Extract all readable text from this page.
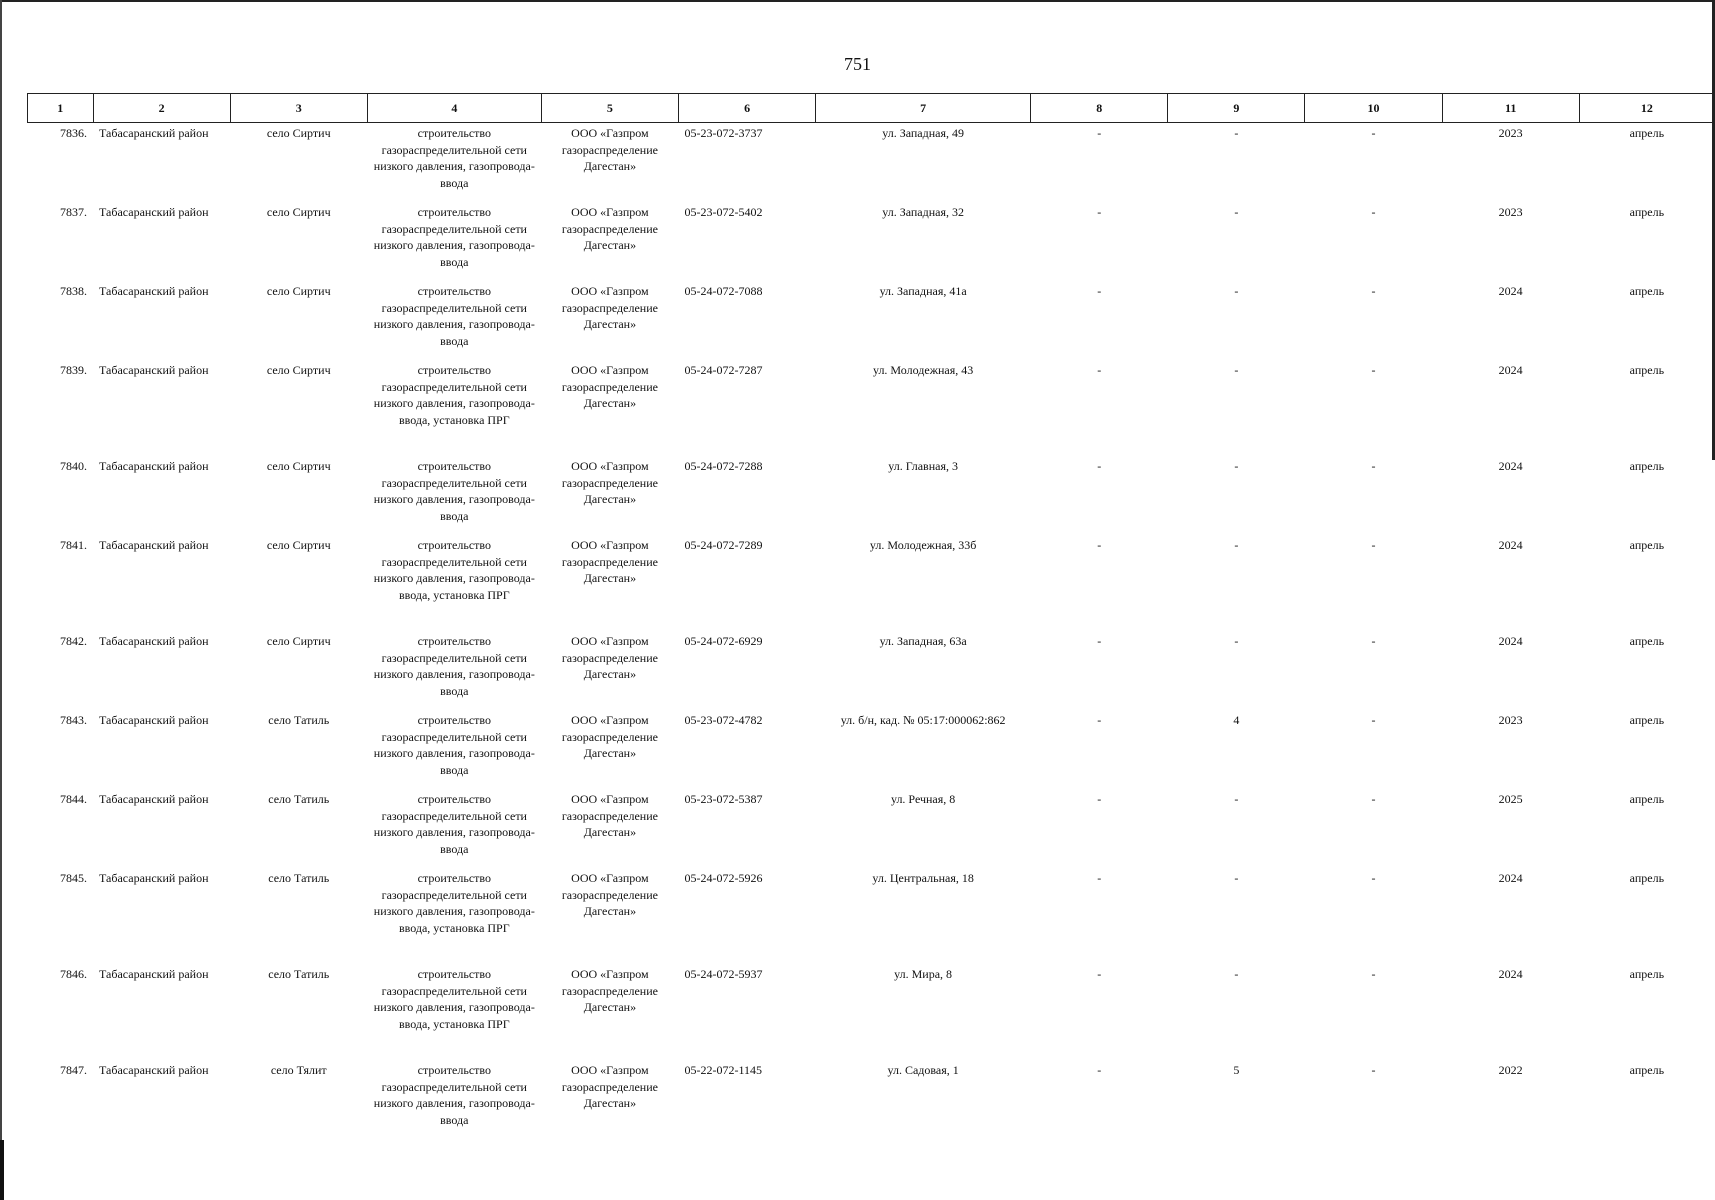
751
1	2	3	4	5	6	7	8	9	10	11	12
7836.	Табасаранский район	село Сиртич	строительство газораспределительной сети низкого давления, газопровода-ввода	ООО «Газпром газораспределение Дагестан»	05-23-072-3737	ул. Западная, 49	-	-	-	2023	апрель
7837.	Табасаранский район	село Сиртич	строительство газораспределительной сети низкого давления, газопровода-ввода	ООО «Газпром газораспределение Дагестан»	05-23-072-5402	ул. Западная, 32	-	-	-	2023	апрель
7838.	Табасаранский район	село Сиртич	строительство газораспределительной сети низкого давления, газопровода-ввода	ООО «Газпром газораспределение Дагестан»	05-24-072-7088	ул. Западная, 41а	-	-	-	2024	апрель
7839.	Табасаранский район	село Сиртич	строительство газораспределительной сети низкого давления, газопровода-ввода, установка ПРГ	ООО «Газпром газораспределение Дагестан»	05-24-072-7287	ул. Молодежная, 43	-	-	-	2024	апрель
7840.	Табасаранский район	село Сиртич	строительство газораспределительной сети низкого давления, газопровода-ввода	ООО «Газпром газораспределение Дагестан»	05-24-072-7288	ул. Главная, 3	-	-	-	2024	апрель
7841.	Табасаранский район	село Сиртич	строительство газораспределительной сети низкого давления, газопровода-ввода, установка ПРГ	ООО «Газпром газораспределение Дагестан»	05-24-072-7289	ул. Молодежная, 33б	-	-	-	2024	апрель
7842.	Табасаранский район	село Сиртич	строительство газораспределительной сети низкого давления, газопровода-ввода	ООО «Газпром газораспределение Дагестан»	05-24-072-6929	ул. Западная, 63а	-	-	-	2024	апрель
7843.	Табасаранский район	село Татиль	строительство газораспределительной сети низкого давления, газопровода-ввода	ООО «Газпром газораспределение Дагестан»	05-23-072-4782	ул. б/н, кад. № 05:17:000062:862	-	4	-	2023	апрель
7844.	Табасаранский район	село Татиль	строительство газораспределительной сети низкого давления, газопровода-ввода	ООО «Газпром газораспределение Дагестан»	05-23-072-5387	ул. Речная, 8	-	-	-	2025	апрель
7845.	Табасаранский район	село Татиль	строительство газораспределительной сети низкого давления, газопровода-ввода, установка ПРГ	ООО «Газпром газораспределение Дагестан»	05-24-072-5926	ул. Центральная, 18	-	-	-	2024	апрель
7846.	Табасаранский район	село Татиль	строительство газораспределительной сети низкого давления, газопровода-ввода, установка ПРГ	ООО «Газпром газораспределение Дагестан»	05-24-072-5937	ул. Мира, 8	-	-	-	2024	апрель
7847.	Табасаранский район	село Тялит	строительство газораспределительной сети низкого давления, газопровода-ввода	ООО «Газпром газораспределение Дагестан»	05-22-072-1145	ул. Садовая, 1	-	5	-	2022	апрель
